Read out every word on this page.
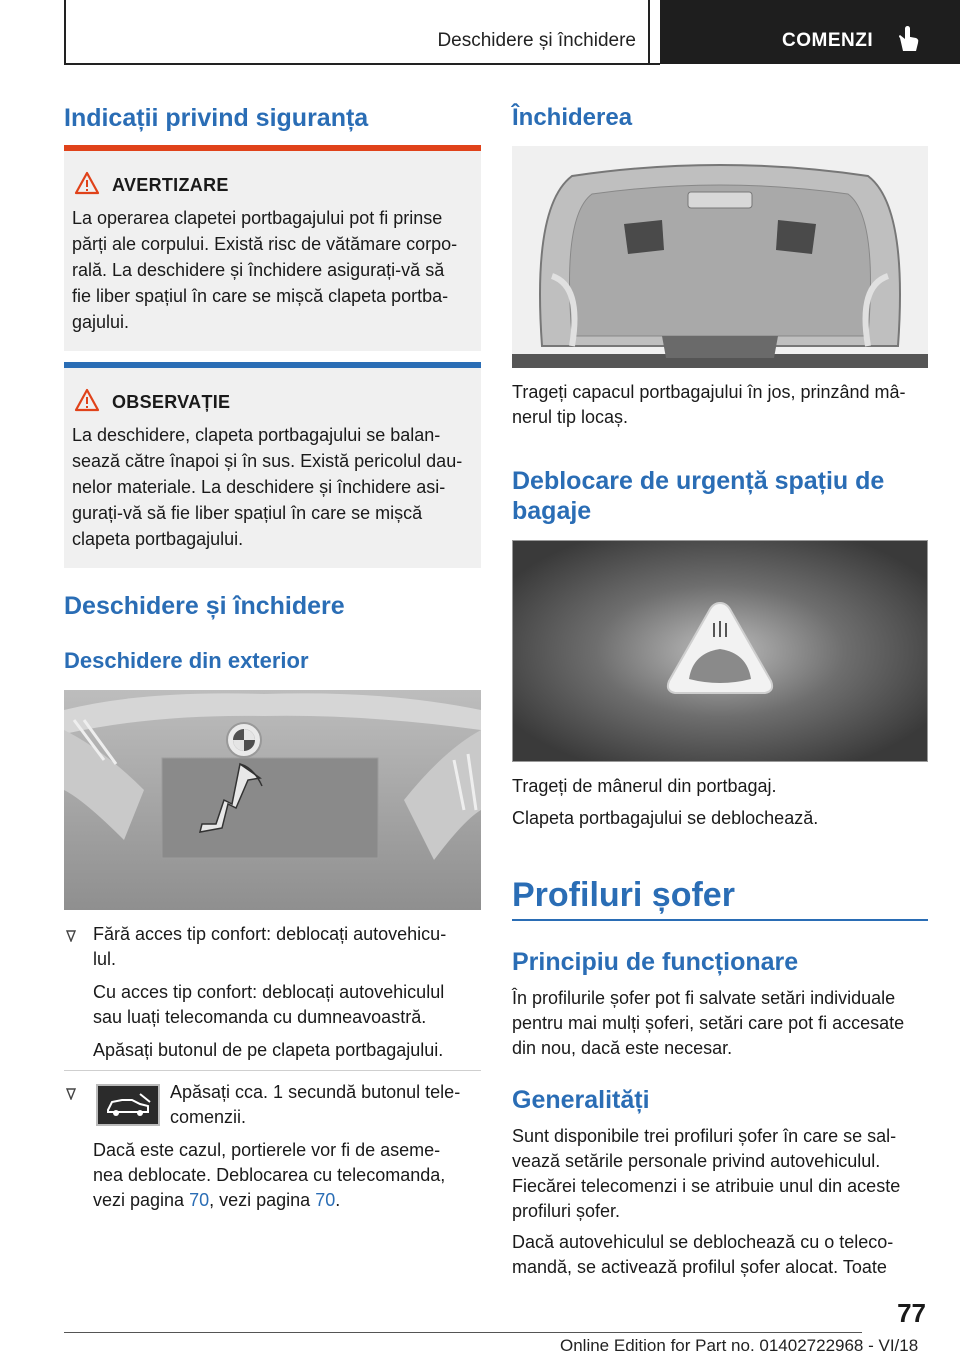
Deschidere și închidere	COMENZI
Indicații privind siguranța
AVERTIZARE
La operarea clapetei portbagajului pot fi prinse
părți ale corpului. Există risc de vătămare corpo-
rală. La deschidere și închidere asigurați-vă să
fie liber spațiul în care se mișcă clapeta portba-
gajului.
OBSERVAȚIE
La deschidere, clapeta portbagajului se balan-
sează către înapoi și în sus. Există pericolul dau-
nelor materiale. La deschidere și închidere asi-
gurați-vă să fie liber spațiul în care se mișcă
clapeta portbagajului.
Deschidere și închidere
Deschidere din exterior
Fără acces tip confort: deblocați autovehicu-
lul.
Cu acces tip confort: deblocați autovehiculul
sau luați telecomanda cu dumneavoastră.
Apăsați butonul de pe clapeta portbagajului.
Apăsați cca. 1 secundă butonul tele-
comenzii.
Dacă este cazul, portierele vor fi de aseme-
nea deblocate. Deblocarea cu telecomanda,
vezi pagina 70, vezi pagina 70.
Închiderea
Trageți capacul portbagajului în jos, prinzând mâ-
nerul tip locaș.
Deblocare de urgență spațiu de
bagaje
Trageți de mânerul din portbagaj.
Clapeta portbagajului se deblochează.
Profiluri șofer
Principiu de funcționare
În profilurile șofer pot fi salvate setări individuale
pentru mai mulți șoferi, setări care pot fi accesate
din nou, dacă este necesar.
Generalități
Sunt disponibile trei profiluri șofer în care se sal-
vează setările personale privind autovehiculul.
Fiecărei telecomenzi i se atribuie unul din aceste
profiluri șofer.
Dacă autovehiculul se deblochează cu o teleco-
mandă, se activează profilul șofer alocat. Toate
77
Online Edition for Part no. 01402722968 - VI/18
